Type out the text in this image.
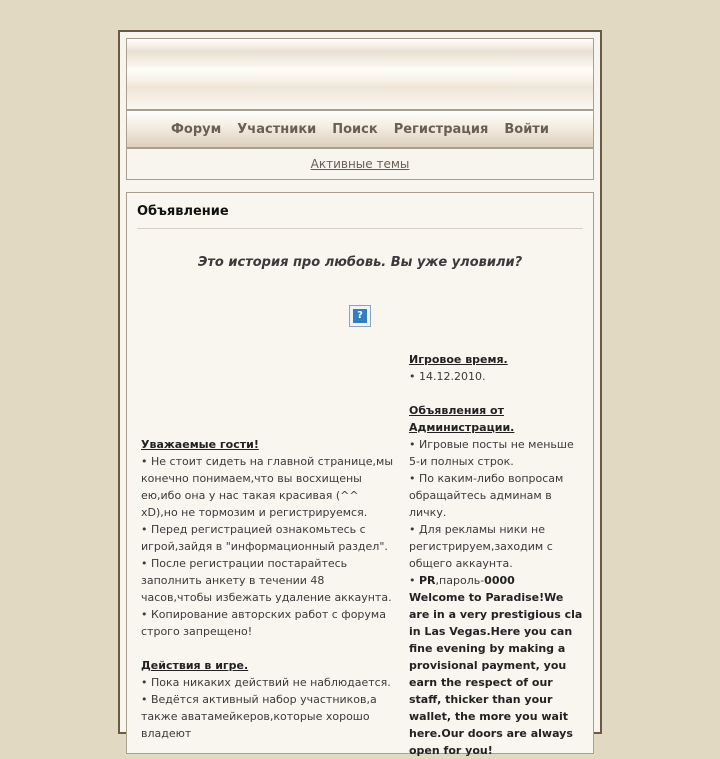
Форум Участники Поиск Регистрация Войти
Активные темы
Объявление
Это история про любовь. Вы уже уловили?
?
Уважаемые гости!
• Не стоит сидеть на главной странице,мы конечно понимаем,что вы восхищены ею,ибо она у нас такая красивая (^^ xD),но не тормозим и регистрируемся.
• Перед регистрацией ознакомьтесь с игрой,зайдя в "информационный раздел".
• После регистрации постарайтесь заполнить анкету в течении 48 часов,чтобы избежать удаление аккаунта.
• Копирование авторских работ с форума строго запрещено!
Действия в игре.
• Пока никаких действий не наблюдается.
• Ведётся активный набор участников,а также аватамейкеров,которые хорошо владеют
Игровое время.
• 14.12.2010.
Объявления от Администрации.
• Игровые посты не меньше 5-и полных строк.
• По каким-либо вопросам обращайтесь админам в личку.
• Для рекламы ники не регистрируем,заходим с общего аккаунта.
• PR,пароль-0000
Welcome to Paradise!We are in a very prestigious cla in Las Vegas.Here you can fine evening by making a provisional payment, you earn the respect of our staff, thicker than your wallet, the more you wait here.Our doors are always open for you!
